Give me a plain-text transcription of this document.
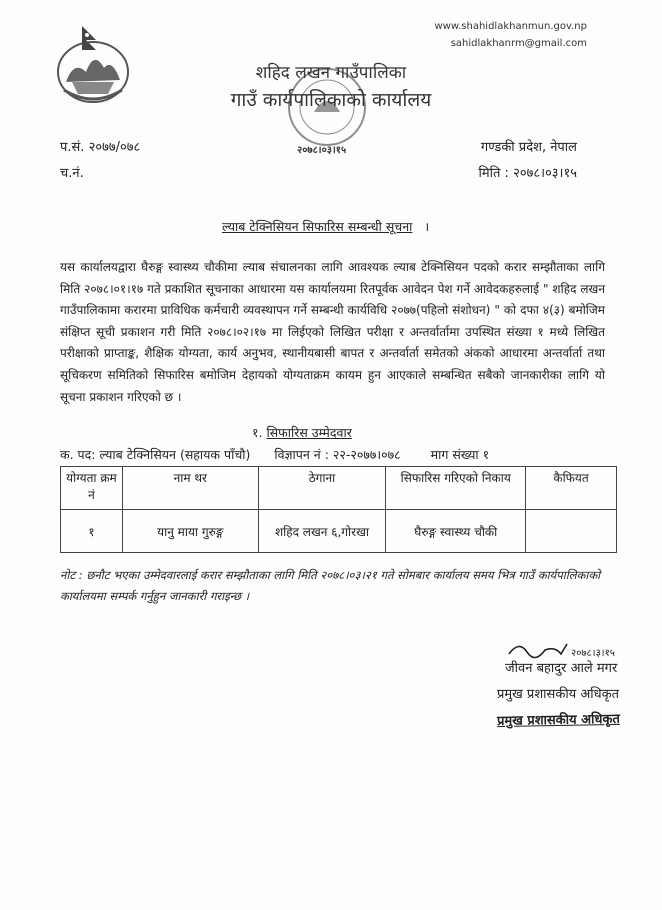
www.shahidlakhanmun.gov.np
sahidlakhanrm@gmail.com
शहिद लखन गाउँपालिका
गाउँ कार्यपालिकाको कार्यालय
प.सं. २०७७/०७८
च.नं.
२०७८।०३।१५	गण्डकी प्रदेश, नेपाल
मिति : २०७८।०३।१५
ल्याब टेक्निसियन सिफारिस सम्बन्धी सूचना ।
यस कार्यालयद्वारा घैरुङ्ग स्वास्थ्य चौकीमा ल्याब संचालनका लागि आवश्यक ल्याब टेक्निसियन पदको करार सम्झौताका लागि मिति २०७८।०१।१७ गते प्रकाशित सूचनाका आधारमा यस कार्यालयमा रितपूर्वक आवेदन पेश गर्ने आवेदकहरुलाई " शहिद लखन गाउँपालिकामा करारमा प्राविधिक कर्मचारी व्यवस्थापन गर्ने सम्बन्धी कार्यविधि २०७७(पहिलो संशोधन) " को दफा ४(३) बमोजिम संक्षिप्त सूची प्रकाशन गरी मिति २०७८।०२।१७ मा लिईएको लिखित परीक्षा र अन्तर्वार्तामा उपस्थित संख्या १ मध्ये लिखित परीक्षाको प्राप्ताङ्क, शैक्षिक योग्यता, कार्य अनुभव, स्थानीयबासी बापत र अन्तर्वार्ता समेतको अंकको आधारमा अन्तर्वार्ता तथा सूचिकरण समितिको सिफारिस बमोजिम देहायको योग्यताक्रम कायम हुन आएकाले सम्बन्धित सबैको जानकारीका लागि यो सूचना प्रकाशन गरिएको छ ।
१. सिफारिस उम्मेदवार
क. पद: ल्याब टेक्निसियन (सहायक पाँचौ) विज्ञापन नं : २२-२०७७।०७८ माग संख्या १
योग्यता क्रम नं	नाम थर	ठेगाना	सिफारिस गरिएको निकाय	कैफियत
१	यानु माया गुरुङ्ग	शहिद लखन ६,गोरखा	घैरुङ्ग स्वास्थ्य चौकी	
नोट : छनौट भएका उम्मेदवारलाई करार सम्झौताका लागि मिति २०७८।०३।२१ गते सोमबार कार्यालय समय भित्र गाउँ कार्यपालिकाको कार्यालयमा सम्पर्क गर्नुहुन जानकारी गराइन्छ ।
२०७८।३।१५
जीवन बहादुर आले मगर
प्रमुख प्रशासकीय अधिकृत
प्रमुख प्रशासकीय अधिकृत
